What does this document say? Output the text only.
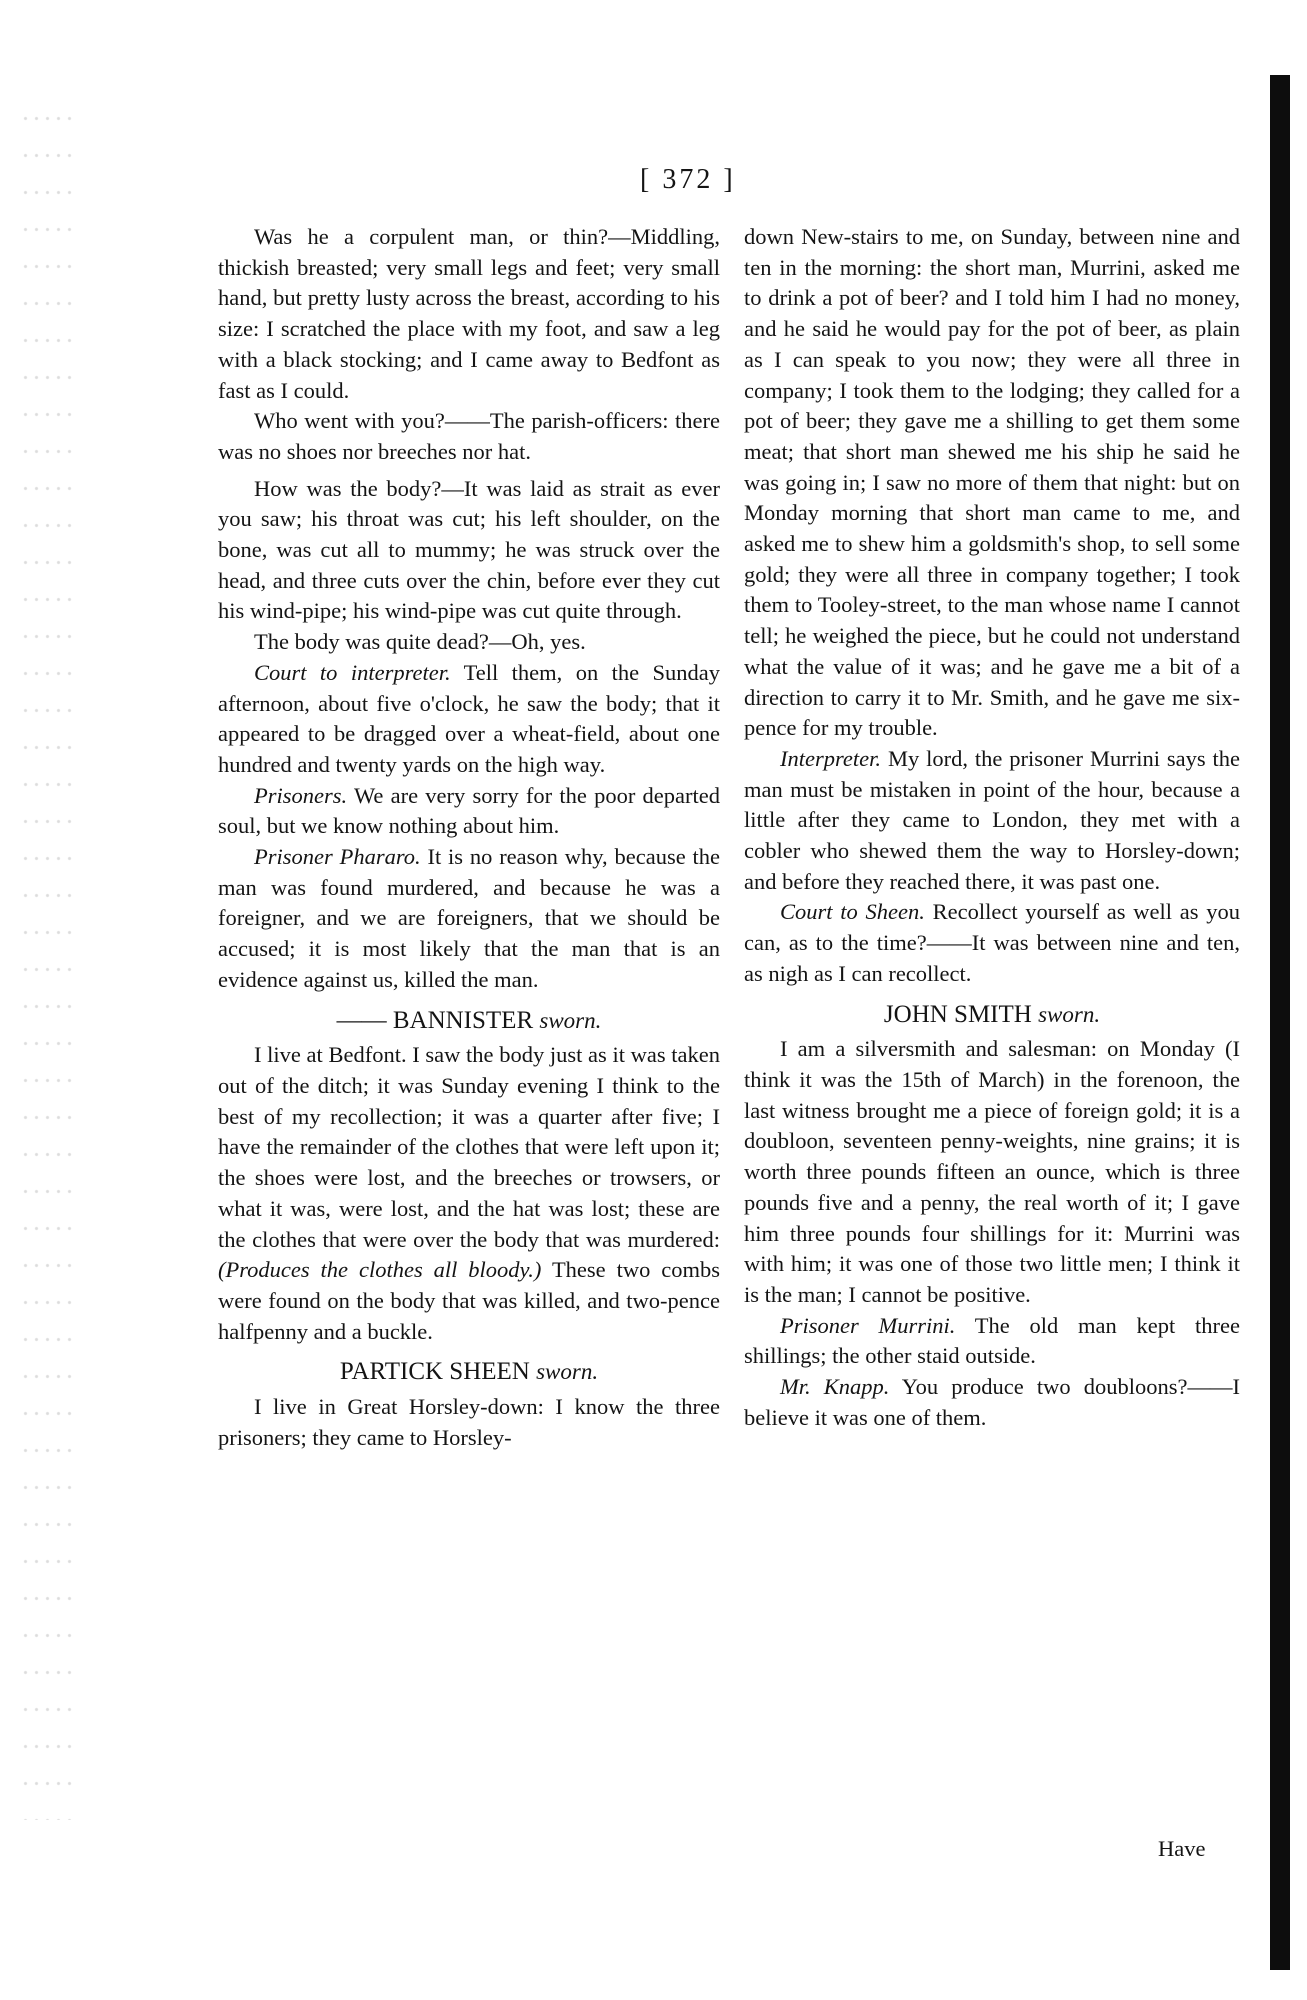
[ 372 ]

Was he a corpulent man, or thin?—Middling, thickish breasted; very small legs and feet; very small hand, but pretty lusty across the breast, according to his size: I scratched the place with my foot, and saw a leg with a black stocking; and I came away to Bedfont as fast as I could.

Who went with you?——The parish-officers: there was no shoes nor breeches nor hat.

How was the body?—It was laid as strait as ever you saw; his throat was cut; his left shoulder, on the bone, was cut all to mummy; he was struck over the head, and three cuts over the chin, before ever they cut his wind-pipe; his wind-pipe was cut quite through.

The body was quite dead?—Oh, yes.

Court to interpreter. Tell them, on the Sunday afternoon, about five o'clock, he saw the body; that it appeared to be dragged over a wheat-field, about one hundred and twenty yards on the high way.

Prisoners. We are very sorry for the poor departed soul, but we know nothing about him.

Prisoner Phararo. It is no reason why, because the man was found murdered, and because he was a foreigner, and we are foreigners, that we should be accused; it is most likely that the man that is an evidence against us, killed the man.

—— BANNISTER sworn.

I live at Bedfont. I saw the body just as it was taken out of the ditch; it was Sunday evening I think to the best of my recollection; it was a quarter after five; I have the remainder of the clothes that were left upon it; the shoes were lost, and the breeches or trowsers, or what it was, were lost, and the hat was lost; these are the clothes that were over the body that was murdered: (Produces the clothes all bloody.) These two combs were found on the body that was killed, and two-pence halfpenny and a buckle.

PARTICK SHEEN sworn.

I live in Great Horsley-down: I know the three prisoners; they came to Horsley-

down New-stairs to me, on Sunday, between nine and ten in the morning: the short man, Murrini, asked me to drink a pot of beer? and I told him I had no money, and he said he would pay for the pot of beer, as plain as I can speak to you now; they were all three in company; I took them to the lodging; they called for a pot of beer; they gave me a shilling to get them some meat; that short man shewed me his ship he said he was going in; I saw no more of them that night: but on Monday morning that short man came to me, and asked me to shew him a goldsmith's shop, to sell some gold; they were all three in company together; I took them to Tooley-street, to the man whose name I cannot tell; he weighed the piece, but he could not understand what the value of it was; and he gave me a bit of a direction to carry it to Mr. Smith, and he gave me six-pence for my trouble.

Interpreter. My lord, the prisoner Murrini says the man must be mistaken in point of the hour, because a little after they came to London, they met with a cobler who shewed them the way to Horsley-down; and before they reached there, it was past one.

Court to Sheen. Recollect yourself as well as you can, as to the time?——It was between nine and ten, as nigh as I can recollect.

JOHN SMITH sworn.

I am a silversmith and salesman: on Monday (I think it was the 15th of March) in the forenoon, the last witness brought me a piece of foreign gold; it is a doubloon, seventeen penny-weights, nine grains; it is worth three pounds fifteen an ounce, which is three pounds five and a penny, the real worth of it; I gave him three pounds four shillings for it: Murrini was with him; it was one of those two little men; I think it is the man; I cannot be positive.

Prisoner Murrini. The old man kept three shillings; the other staid outside.

Mr. Knapp. You produce two doubloons?——I believe it was one of them.

Have
